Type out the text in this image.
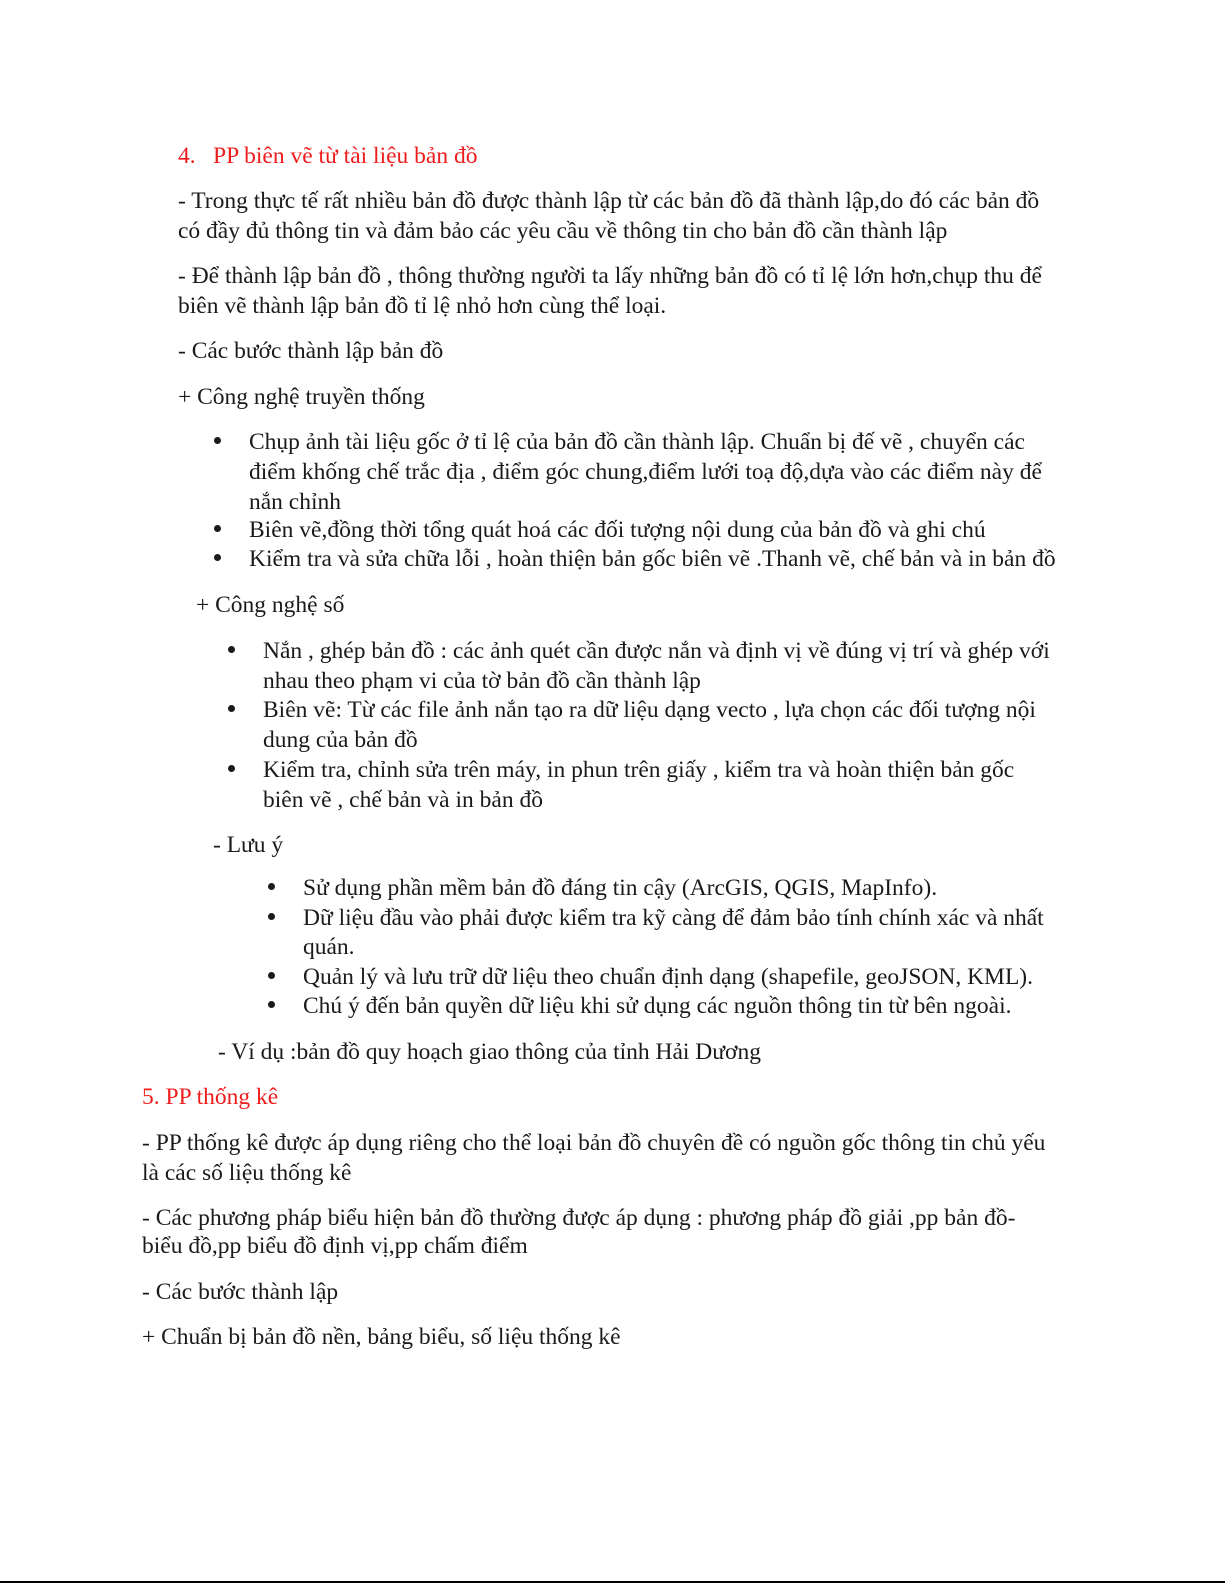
4. PP biên vẽ từ tài liệu bản đồ
- Trong thực tế rất nhiều bản đồ được thành lập từ các bản đồ đã thành lập,do đó các bản đồ
có đầy đủ thông tin và đảm bảo các yêu cầu về thông tin cho bản đồ cần thành lập
- Để thành lập bản đồ , thông thường người ta lấy những bản đồ có tỉ lệ lớn hơn,chụp thu để
biên vẽ thành lập bản đồ tỉ lệ nhỏ hơn cùng thể loại.
- Các bước thành lập bản đồ
+ Công nghệ truyền thống
Chụp ảnh tài liệu gốc ở tỉ lệ của bản đồ cần thành lập. Chuẩn bị đế vẽ , chuyển các
điểm khống chế trắc địa , điểm góc chung,điểm lưới toạ độ,dựa vào các điểm này để
nắn chỉnh
Biên vẽ,đồng thời tổng quát hoá các đối tượng nội dung của bản đồ và ghi chú
Kiểm tra và sửa chữa lỗi , hoàn thiện bản gốc biên vẽ .Thanh vẽ, chế bản và in bản đồ
+ Công nghệ số
Nắn , ghép bản đồ : các ảnh quét cần được nắn và định vị về đúng vị trí và ghép với
nhau theo phạm vi của tờ bản đồ cần thành lập
Biên vẽ: Từ các file ảnh nắn tạo ra dữ liệu dạng vecto , lựa chọn các đối tượng nội
dung của bản đồ
Kiểm tra, chỉnh sửa trên máy, in phun trên giấy , kiểm tra và hoàn thiện bản gốc
biên vẽ , chế bản và in bản đồ
- Lưu ý
Sử dụng phần mềm bản đồ đáng tin cậy (ArcGIS, QGIS, MapInfo).
Dữ liệu đầu vào phải được kiểm tra kỹ càng để đảm bảo tính chính xác và nhất
quán.
Quản lý và lưu trữ dữ liệu theo chuẩn định dạng (shapefile, geoJSON, KML).
Chú ý đến bản quyền dữ liệu khi sử dụng các nguồn thông tin từ bên ngoài.
- Ví dụ :bản đồ quy hoạch giao thông của tỉnh Hải Dương
5. PP thống kê
- PP thống kê được áp dụng riêng cho thể loại bản đồ chuyên đề có nguồn gốc thông tin chủ yếu
là các số liệu thống kê
- Các phương pháp biểu hiện bản đồ thường được áp dụng : phương pháp đồ giải ,pp bản đồ-
biểu đồ,pp biểu đồ định vị,pp chấm điểm
- Các bước thành lập
+ Chuẩn bị bản đồ nền, bảng biểu, số liệu thống kê
